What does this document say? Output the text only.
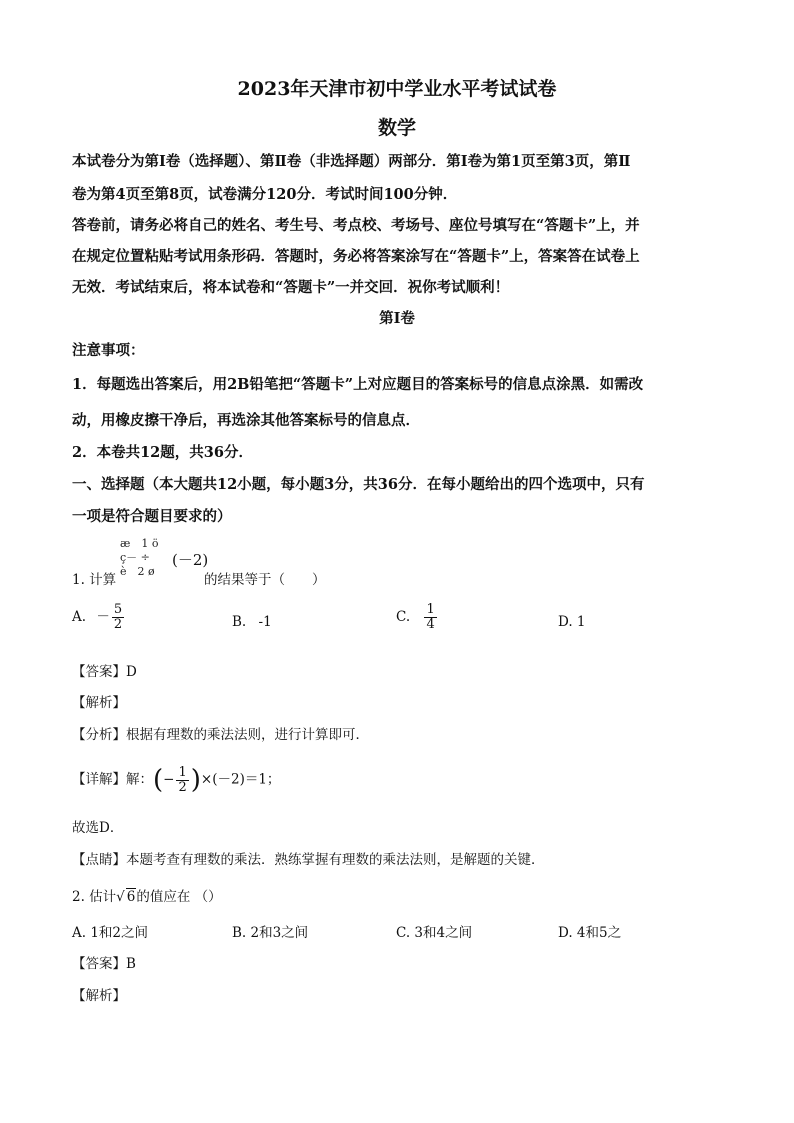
2023年天津市初中学业水平考试试卷
数学
本试卷分为第Ⅰ卷（选择题）、第Ⅱ卷（非选择题）两部分．第Ⅰ卷为第1页至第3页，第Ⅱ
卷为第4页至第8页，试卷满分120分．考试时间100分钟．
答卷前，请务必将自己的姓名、考生号、考点校、考场号、座位号填写在“答题卡”上，并
在规定位置粘贴考试用条形码．答题时，务必将答案涂写在“答题卡”上，答案答在试卷上
无效．考试结束后，将本试卷和“答题卡”一并交回．祝你考试顺利！
第Ⅰ卷
注意事项：
1．每题选出答案后，用2B铅笔把“答题卡”上对应题目的答案标号的信息点涂黑．如需改
动，用橡皮擦干净后，再选涂其他答案标号的信息点．
2．本卷共12题，共36分．
一、选择题（本大题共12小题，每小题3分，共36分．在每小题给出的四个选项中，只有
一项是符合题目要求的）
1. 计算
æ　1 ö
ç－ ÷
è　2 ø
(－2)
的结果等于（　　）
A. － $\frac{5}{2}$	B. -1	C. $\frac{1}{4}$	D. 1
【答案】D
【解析】
【分析】根据有理数的乘法法则，进行计算即可．
【详解】解：(− $\frac{1}{2} )\times(-2)=1$；
故选D．
【点睛】本题考查有理数的乘法．熟练掌握有理数的乘法法则，是解题的关键．
2. 估计√ 6的值应在 （）
A. 1和2之间	B. 2和3之间	C. 3和4之间	D. 4和5之
【答案】B
【解析】
